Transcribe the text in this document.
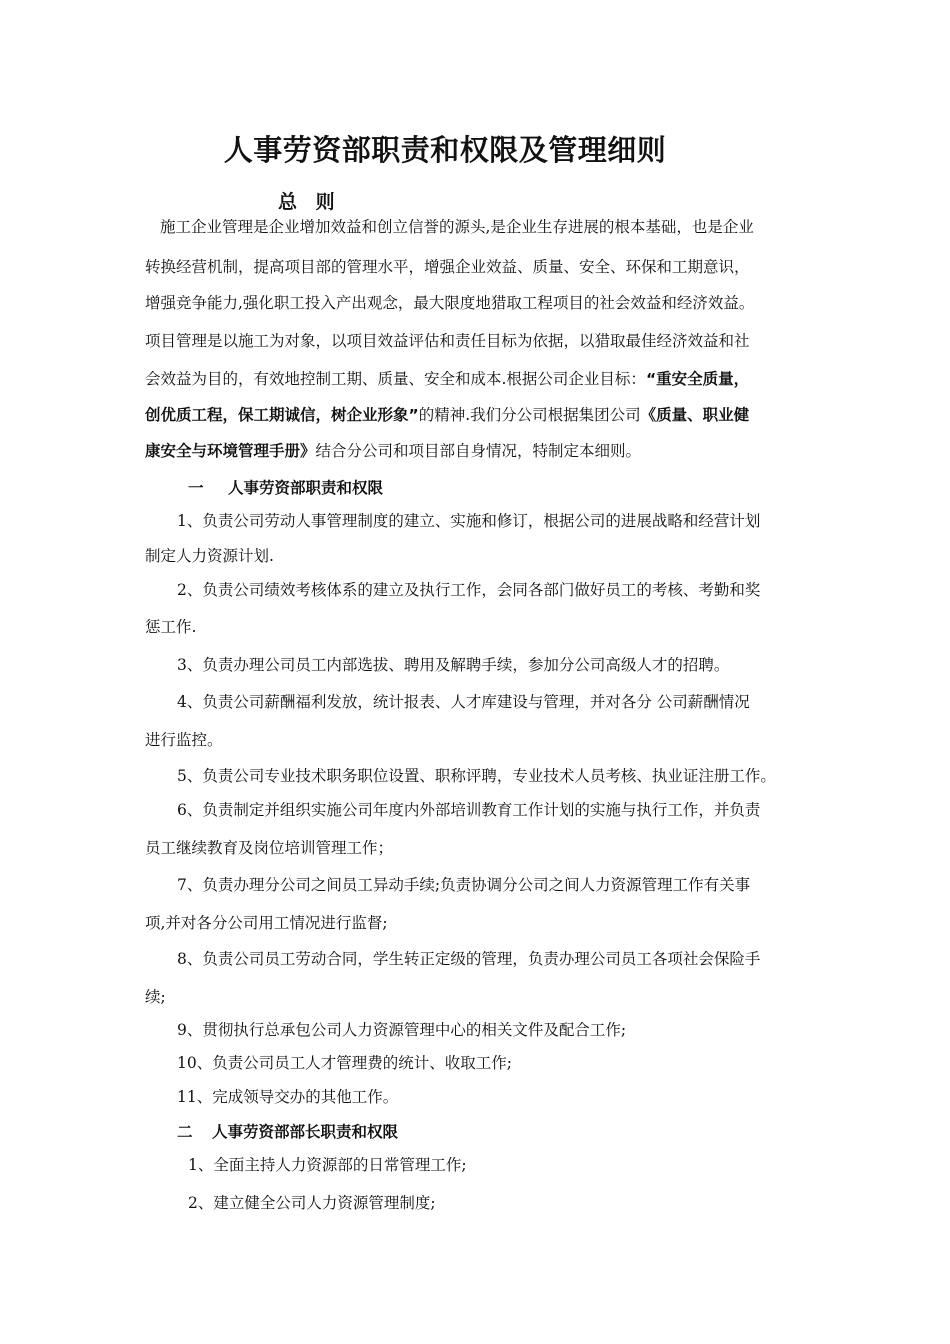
人事劳资部职责和权限及管理细则
总 则
施工企业管理是企业增加效益和创立信誉的源头,是企业生存进展的根本基础，也是企业
转换经营机制，提高项目部的管理水平，增强企业效益、质量、安全、环保和工期意识，
增强竞争能力,强化职工投入产出观念，最大限度地猎取工程项目的社会效益和经济效益。
项目管理是以施工为对象，以项目效益评估和责任目标为依据，以猎取最佳经济效益和社
会效益为目的，有效地控制工期、质量、安全和成本.根据公司企业目标：“重安全质量，
创优质工程，保工期诚信，树企业形象”的精神.我们分公司根据集团公司《质量、职业健
康安全与环境管理手册》结合分公司和项目部自身情况，特制定本细则。
一 人事劳资部职责和权限
1、负责公司劳动人事管理制度的建立、实施和修订，根据公司的进展战略和经营计划
制定人力资源计划.
2、负责公司绩效考核体系的建立及执行工作，会同各部门做好员工的考核、考勤和奖
惩工作.
3、负责办理公司员工内部选拔、聘用及解聘手续，参加分公司高级人才的招聘。
4、负责公司薪酬福利发放，统计报表、人才库建设与管理，并对各分 公司薪酬情况
进行监控。
5、负责公司专业技术职务职位设置、职称评聘，专业技术人员考核、执业证注册工作。
6、负责制定并组织实施公司年度内外部培训教育工作计划的实施与执行工作，并负责
员工继续教育及岗位培训管理工作；
7、负责办理分公司之间员工异动手续;负责协调分公司之间人力资源管理工作有关事
项,并对各分公司用工情况进行监督;
8、负责公司员工劳动合同，学生转正定级的管理，负责办理公司员工各项社会保险手
续;
9、贯彻执行总承包公司人力资源管理中心的相关文件及配合工作;
10、负责公司员工人才管理费的统计、收取工作;
11、完成领导交办的其他工作。
二 人事劳资部部长职责和权限
1、全面主持人力资源部的日常管理工作;
2、建立健全公司人力资源管理制度;
